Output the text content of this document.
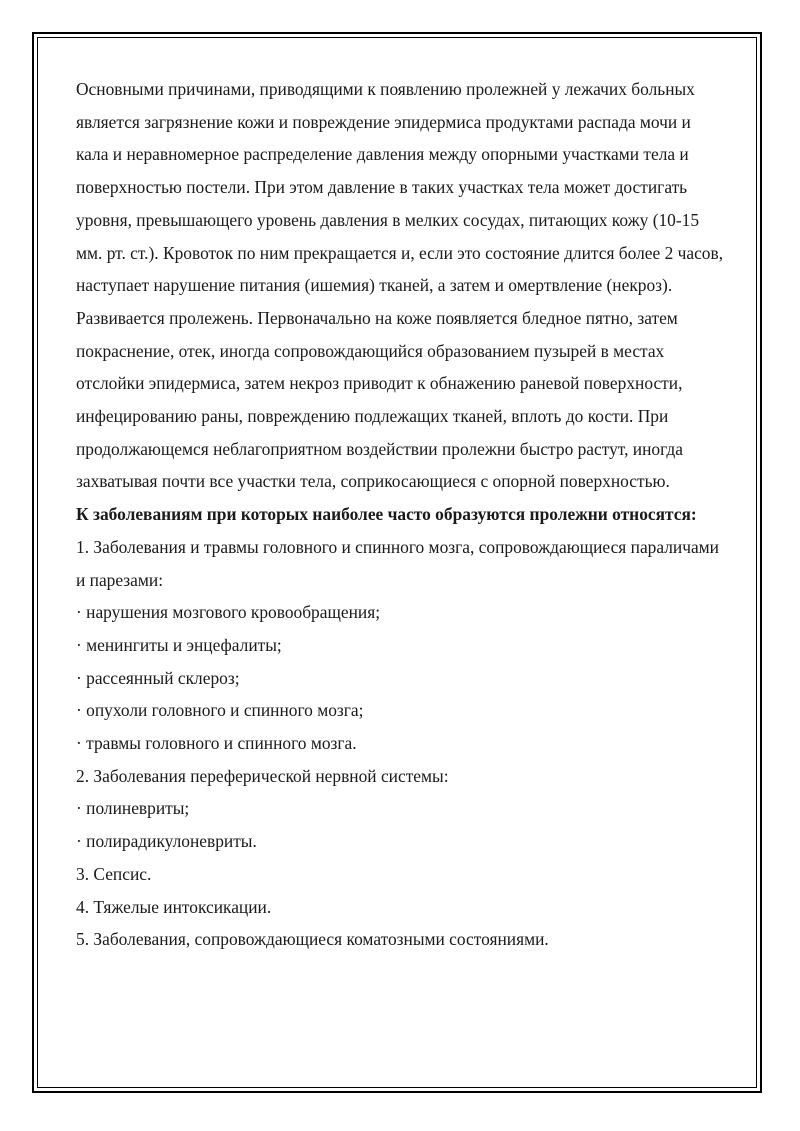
Основными причинами, приводящими к появлению пролежней у лежачих больных является загрязнение кожи и повреждение эпидермиса продуктами распада мочи и кала и неравномерное распределение давления между опорными участками тела и поверхностью постели. При этом давление в таких участках тела может достигать уровня, превышающего уровень давления в мелких сосудах, питающих кожу (10-15 мм. рт. ст.). Кровоток по ним прекращается и, если это состояние длится более 2 часов, наступает нарушение питания (ишемия) тканей, а затем и омертвление (некроз).

Развивается пролежень. Первоначально на коже появляется бледное пятно, затем покраснение, отек, иногда сопровождающийся образованием пузырей в местах отслойки эпидермиса, затем некроз приводит к обнажению раневой поверхности, инфецированию раны, повреждению подлежащих тканей, вплоть до кости. При продолжающемся неблагоприятном воздействии пролежни быстро растут, иногда захватывая почти все участки тела, соприкосающиеся с опорной поверхностью.

К заболеваниям при которых наиболее часто образуются пролежни относятся:

1. Заболевания и травмы головного и спинного мозга, сопровождающиеся параличами и парезами:

· нарушения мозгового кровообращения;

· менингиты и энцефалиты;

· рассеянный склероз;

· опухоли головного и спинного мозга;

· травмы головного и спинного мозга.

2. Заболевания переферической нервной системы:

· полиневриты;

· полирадикулоневриты.

3. Сепсис.

4. Тяжелые интоксикации.

5. Заболевания, сопровождающиеся коматозными состояниями.
